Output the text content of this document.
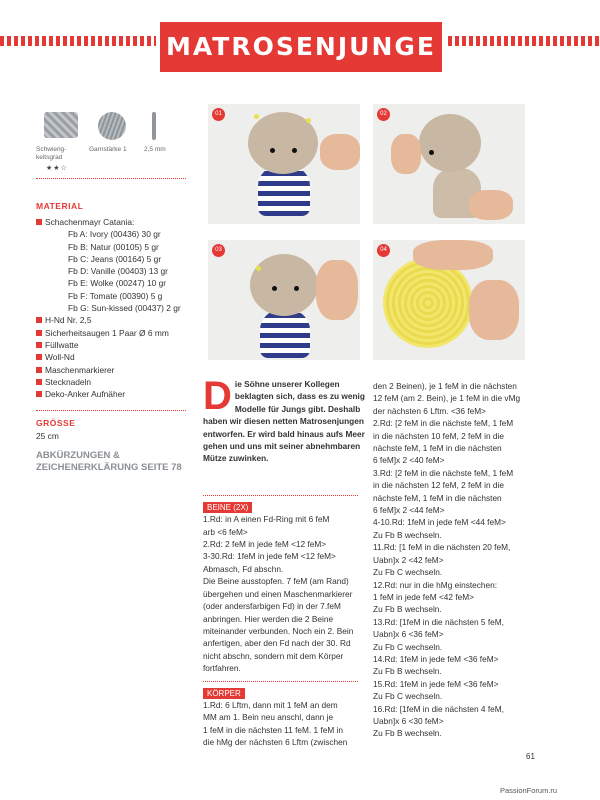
MATROSENJUNGE
Schwierig-
keitsgrad
Garnstärke 1	2,5 mm
★★☆
MATERIAL
Schachenmayr Catania:
Fb A: Ivory (00436) 30 gr
Fb B: Natur (00105) 5 gr
Fb C: Jeans (00164) 5 gr
Fb D: Vanille (00403) 13 gr
Fb E: Wolke (00247) 10 gr
Fb F: Tomate (00390) 5 g
Fb G: Sun-kissed (00437) 2 gr
H-Nd Nr. 2,5
Sicherheitsaugen 1 Paar Ø 6 mm
Füllwatte
Woll-Nd
Maschenmarkierer
Stecknadeln
Deko-Anker Aufnäher
GRÖSSE
25 cm
ABKÜRZUNGEN &
ZEICHENERKLÄRUNG SEITE 78
01	02
03	04

Die Söhne unserer Kollegen beklagten sich, dass es zu wenig Modelle für Jungs gibt. Deshalb haben wir diesen netten Matrosenjungen entworfen. Er wird bald hinaus aufs Meer gehen und uns mit seiner abnehmbaren Mütze zuwinken.

BEINE (2X)

1.Rd: in A einen Fd-Ring mit 6 feM

arb <6 feM>

2.Rd: 2 feM in jede feM <12 feM>

3-30.Rd: 1feM in jede feM <12 feM>

Abmasch, Fd abschn.

Die Beine ausstopfen. 7 feM (am Rand)

übergehen und einen Maschenmarkierer

(oder andersfarbigen Fd) in der 7.feM

anbringen. Hier werden die 2 Beine

miteinander verbunden. Noch ein 2. Bein

anfertigen, aber den Fd nach der 30. Rd

nicht abschn, sondern mit dem Körper

fortfahren.

KÖRPER

1.Rd: 6 Lftm, dann mit 1 feM an dem

MM am 1. Bein neu anschl, dann je

1 feM in die nächsten 11 feM. 1 feM in

die hMg der nächsten 6 Lftm (zwischen

den 2 Beinen), je 1 feM in die nächsten

12 feM (am 2. Bein), je 1 feM in die vMg

der nächsten 6 Lftm. <36 feM>

2.Rd: [2 feM in die nächste feM, 1 feM

in die nächsten 10 feM, 2 feM in die

nächste feM, 1 feM in die nächsten

6 feM]x 2 <40 feM>

3.Rd: [2 feM in die nächste feM, 1 feM

in die nächsten 12 feM, 2 feM in die

nächste feM, 1 feM in die nächsten

6 feM]x 2 <44 feM>

4-10.Rd: 1feM in jede feM <44 feM>

Zu Fb B wechseln.

11.Rd: [1 feM in die nächsten 20 feM,

Uabn]x 2 <42 feM>

Zu Fb C wechseln.

12.Rd: nur in die hMg einstechen:

1 feM in jede feM <42 feM>

Zu Fb B wechseln.

13.Rd: [1feM in die nächsten 5 feM,

Uabn]x 6 <36 feM>

Zu Fb C wechseln.

14.Rd: 1feM in jede feM <36 feM>

Zu Fb B wechseln.

15.Rd: 1feM in jede feM <36 feM>

Zu Fb C wechseln.

16.Rd: [1feM in die nächsten 4 feM,

Uabn]x 6 <30 feM>

Zu Fb B wechseln.

61
PassionForum.ru
